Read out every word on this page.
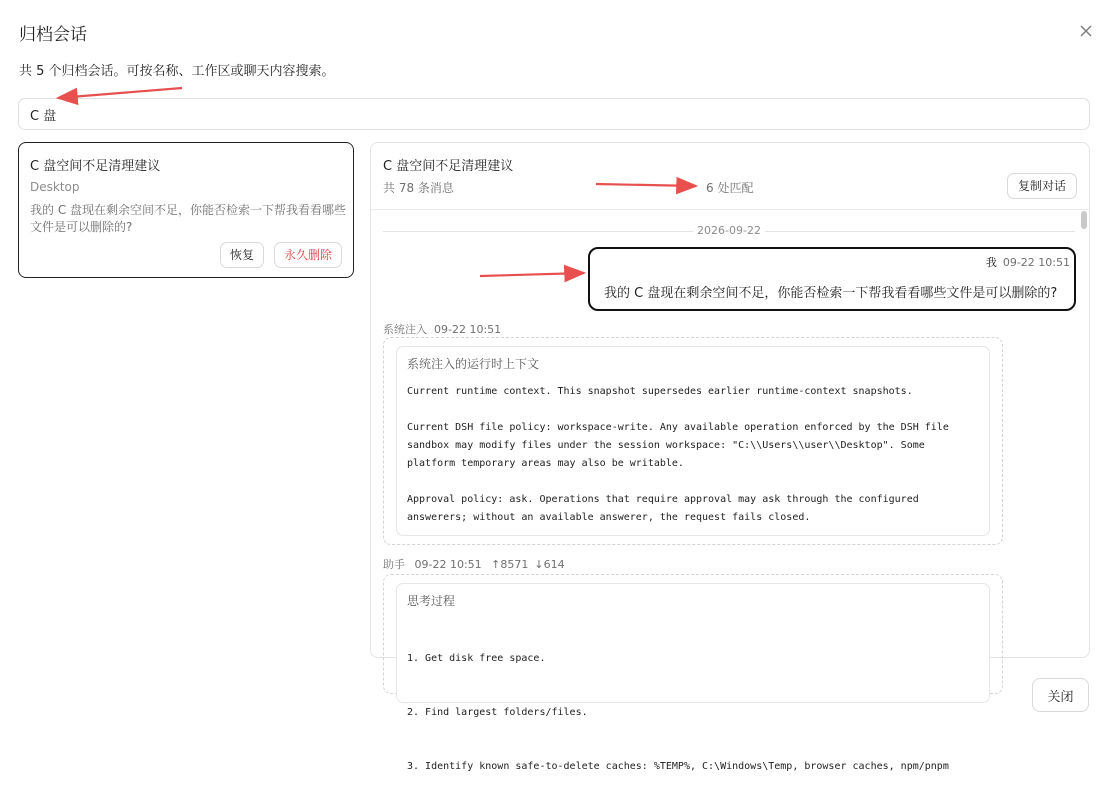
归档会话
共 5 个归档会话。可按名称、工作区或聊天内容搜索。
C 盘
C 盘空间不足清理建议
Desktop
我的 C 盘现在剩余空间不足，你能否检索一下帮我看看哪些文件是可以删除的?
恢复	永久删除
C 盘空间不足清理建议
共 78 条消息	6 处匹配	复制对话
2026-09-22
我 09-22 10:51
我的 C 盘现在剩余空间不足，你能否检索一下帮我看看哪些文件是可以删除的?
系统注入 09-22 10:51
系统注入的运行时上下文
Current runtime context. This snapshot supersedes earlier runtime-context snapshots.

Current DSH file policy: workspace-write. Any available operation enforced by the DSH file sandbox may modify files under the session workspace: "C:\\Users\\user\\Desktop". Some platform temporary areas may also be writable.

Approval policy: ask. Operations that require approval may ask through the configured answerers; without an available answerer, the request fails closed.
助手 09-22 10:51 ↑8571 ↓614
思考过程

1. Get disk free space.

2. Find largest folders/files.

3. Identify known safe-to-delete caches: %TEMP%, C:\Windows\Temp, browser caches, npm/pnpm

关闭
